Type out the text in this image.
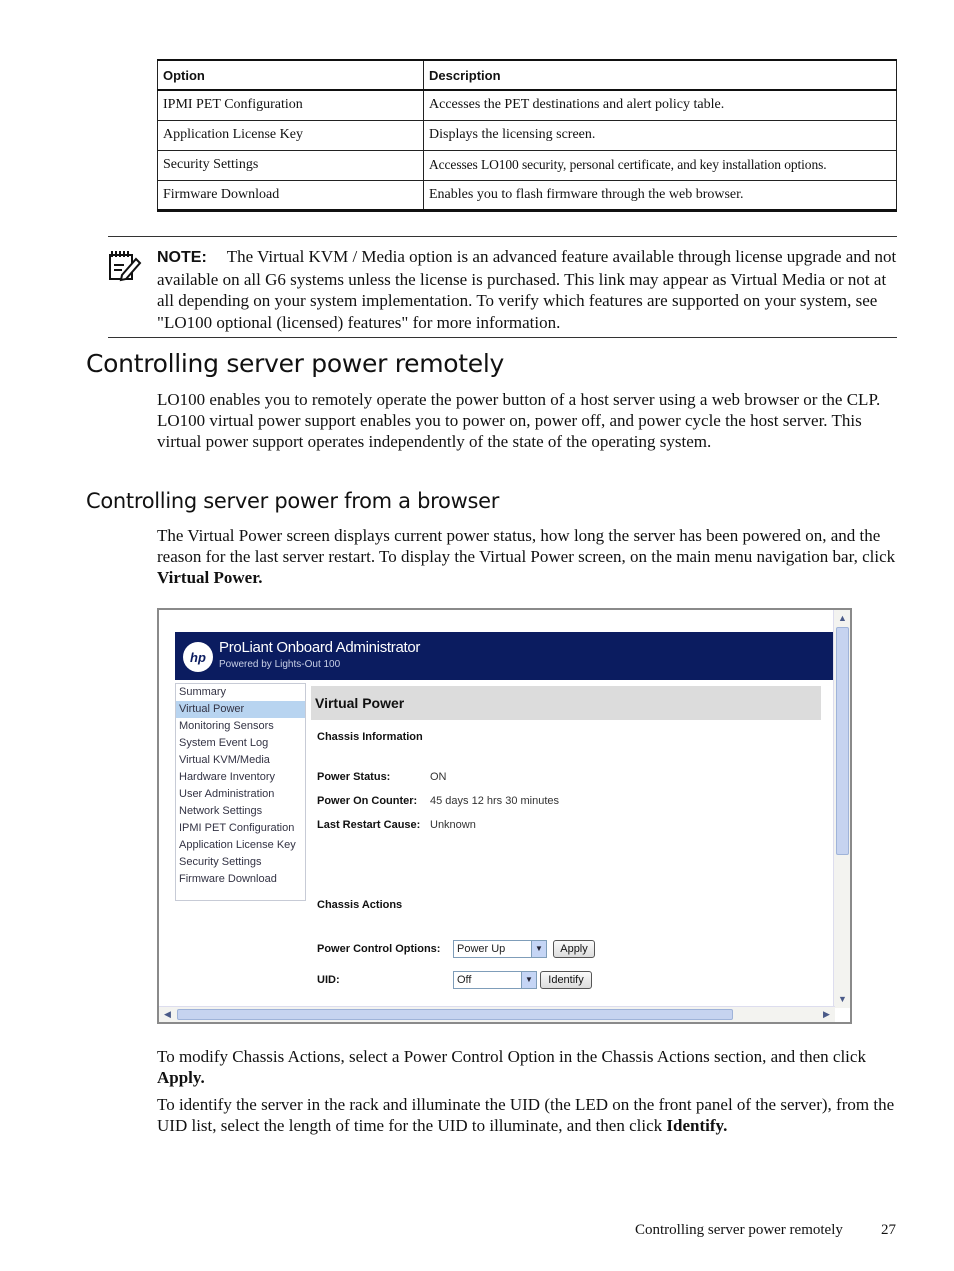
Option	Description
IPMI PET Configuration	Accesses the PET destinations and alert policy table.
Application License Key	Displays the licensing screen.
Security Settings	Accesses LO100 security, personal certificate, and key installation options.
Firmware Download	Enables you to flash firmware through the web browser.

NOTE: The Virtual KVM / Media option is an advanced feature available through license upgrade and not available on all G6 systems unless the license is purchased. This link may appear as Virtual Media or not at all depending on your system implementation. To verify which features are supported on your system, see "LO100 optional (licensed) features" for more information.

Controlling server power remotely

LO100 enables you to remotely operate the power button of a host server using a web browser or the CLP. LO100 virtual power support enables you to power on, power off, and power cycle the host server. This virtual power support operates independently of the state of the operating system.

Controlling server power from a browser

The Virtual Power screen displays current power status, how long the server has been powered on, and the reason for the last server restart. To display the Virtual Power screen, on the main menu navigation bar, click Virtual Power.

hp
ProLiant Onboard Administrator
Powered by Lights-Out 100
Summary
Virtual Power
Monitoring Sensors
System Event Log
Virtual KVM/Media
Hardware Inventory
User Administration
Network Settings
IPMI PET Configuration
Application License Key
Security Settings
Firmware Download
Virtual Power
Chassis Information
Power Status:	ON
Power On Counter: 45 days 12 hrs 30 minutes
Last Restart Cause: Unknown
Chassis Actions
Power Control Options:	Power Up	▼	Apply
UID:	Off	▼	Identify
▲
▼
◀	▶

To modify Chassis Actions, select a Power Control Option in the Chassis Actions section, and then click Apply.

To identify the server in the rack and illuminate the UID (the LED on the front panel of the server), from the UID list, select the length of time for the UID to illuminate, and then click Identify.

Controlling server power remotely	27
